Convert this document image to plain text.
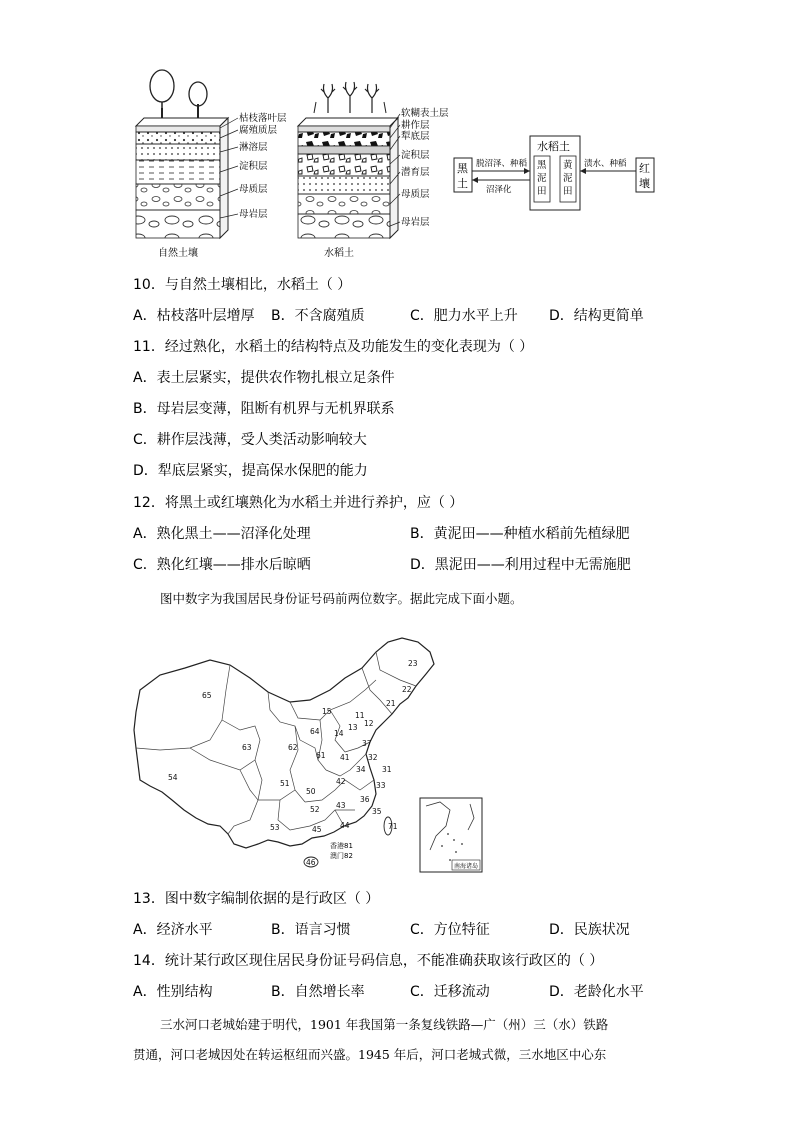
枯枝落叶层
腐殖质层
淋溶层
淀积层
母质层
母岩层
自然土壤
软糊表土层
耕作层
犁底层
淀积层
潜育层
母质层
母岩层
水稻土
黑
土
水稻土
黑
泥
田
黄
泥
田
红
壤
脱沼泽、种稻
沼泽化
渍水、种稻
10．与自然土壤相比，水稻土（ ）
A．枯枝落叶层增厚 B．不含腐殖质	C．肥力水平上升 D．结构更简单
11．经过熟化，水稻土的结构特点及功能发生的变化表现为（ ）
A．表土层紧实，提供农作物扎根立足条件
B．母岩层变薄，阻断有机界与无机界联系
C．耕作层浅薄，受人类活动影响较大
D．犁底层紧实，提高保水保肥的能力
12．将黑土或红壤熟化为水稻土并进行养护，应（ ）
A．熟化黑土——沼泽化处理	B．黄泥田——种植水稻前先植绿肥
C．熟化红壤——排水后晾晒	D．黑泥田——利用过程中无需施肥
图中数字为我国居民身份证号码前两位数字。据此完成下面小题。
65
23
22
15
21
11
12
13
14
37
64
62
63
61 41 32
31
34
54
51	42
50
33
52 43
36
35
53	45 44	71
46
香港81
澳门82
南海诸岛
13．图中数字编制依据的是行政区（ ）
A．经济水平	B．语言习惯	C．方位特征	D．民族状况
14．统计某行政区现住居民身份证号码信息，不能准确获取该行政区的（ ）
A．性别结构	B．自然增长率	C．迁移流动	D．老龄化水平
三水河口老城始建于明代，1901 年我国第一条复线铁路—广（州）三（水）铁路
贯通，河口老城因处在转运枢纽而兴盛。1945 年后，河口老城式微，三水地区中心东
